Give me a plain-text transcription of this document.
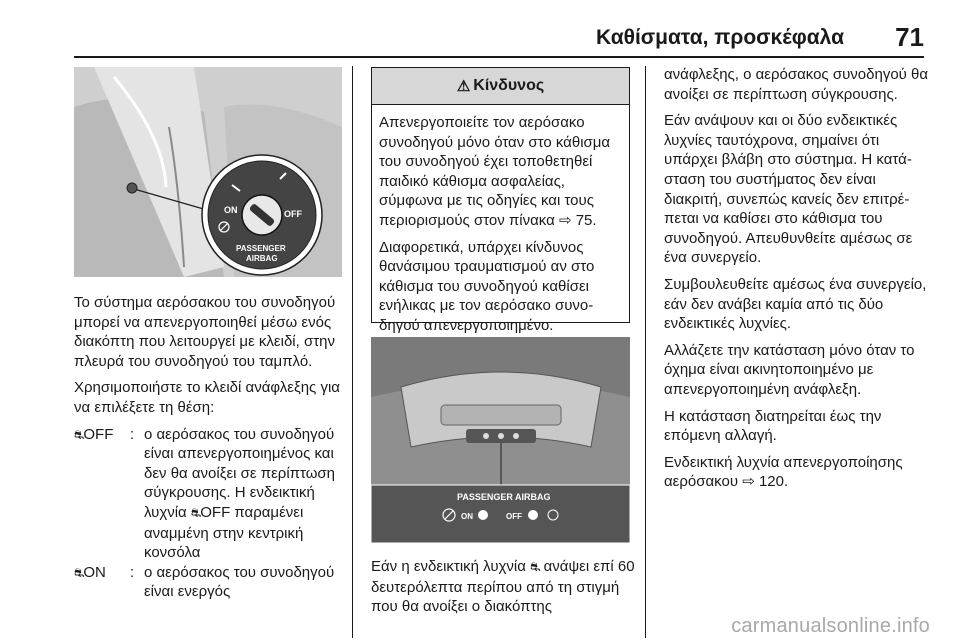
Καθίσματα, προσκέφαλα 71
ON	OFF
PASSENGER
AIRBAG

Το σύστημα αερόσακου του συνοδηγού μπορεί να απενεργοποιηθεί μέσω ενός διακόπτη που λειτουργεί με κλειδί, στην πλευρά του συνοδηγού του ταμπλό.

Χρησιμοποιήστε το κλειδί ανάφλεξης για να επιλέξετε τη θέση:

⛐OFF	: ο αερόσακος του συνοδηγού είναι απενεργοποιημένος και δεν θα ανοίξει σε περίπτωση σύγκρουσης. Η ενδεικτική λυχνία ⛐OFF παραμένει αναμμένη στην κεντρική κονσόλα
⛐ON	: ο αερόσακος του συνοδηγού είναι ενεργός
⚠ Κίνδυνος

Απενεργοποιείτε τον αερόσακο συνοδηγού μόνο όταν στο κάθισμα του συνοδηγού έχει τοποθετηθεί παιδικό κάθισμα ασφαλείας, σύμφωνα με τις οδηγίες και τους περιορισμούς στον πίνακα ⇨ 75.

Διαφορετικά, υπάρχει κίνδυνος θανάσιμου τραυματισμού αν στο κάθισμα του συνοδηγού καθίσει ενήλικας με τον αερόσακο συνοδηγού απενεργοποιημένο.

PASSENGER AIRBAG
ON	OFF

Εάν η ενδεικτική λυχνία ⛐ ανάψει επί 60 δευτερόλεπτα περίπου από τη στιγμή που θα ανοίξει ο διακόπτης

ανάφλεξης, ο αερόσακος συνοδηγού θα ανοίξει σε περίπτωση σύγκρουσης.

Εάν ανάψουν και οι δύο ενδεικτικές λυχνίες ταυτόχρονα, σημαίνει ότι υπάρχει βλάβη στο σύστημα. Η κατάσταση του συστήματος δεν είναι διακριτή, συνεπώς κανείς δεν επιτρέπεται να καθίσει στο κάθισμα του συνοδηγού. Απευθυνθείτε αμέσως σε ένα συνεργείο.

Συμβουλευθείτε αμέσως ένα συνεργείο, εάν δεν ανάβει καμία από τις δύο ενδεικτικές λυχνίες.

Αλλάζετε την κατάσταση μόνο όταν το όχημα είναι ακινητοποιημένο με απενεργοποιημένη ανάφλεξη.

Η κατάσταση διατηρείται έως την επόμενη αλλαγή.

Ενδεικτική λυχνία απενεργοποίησης αερόσακου ⇨ 120.

carmanualsonline.info
